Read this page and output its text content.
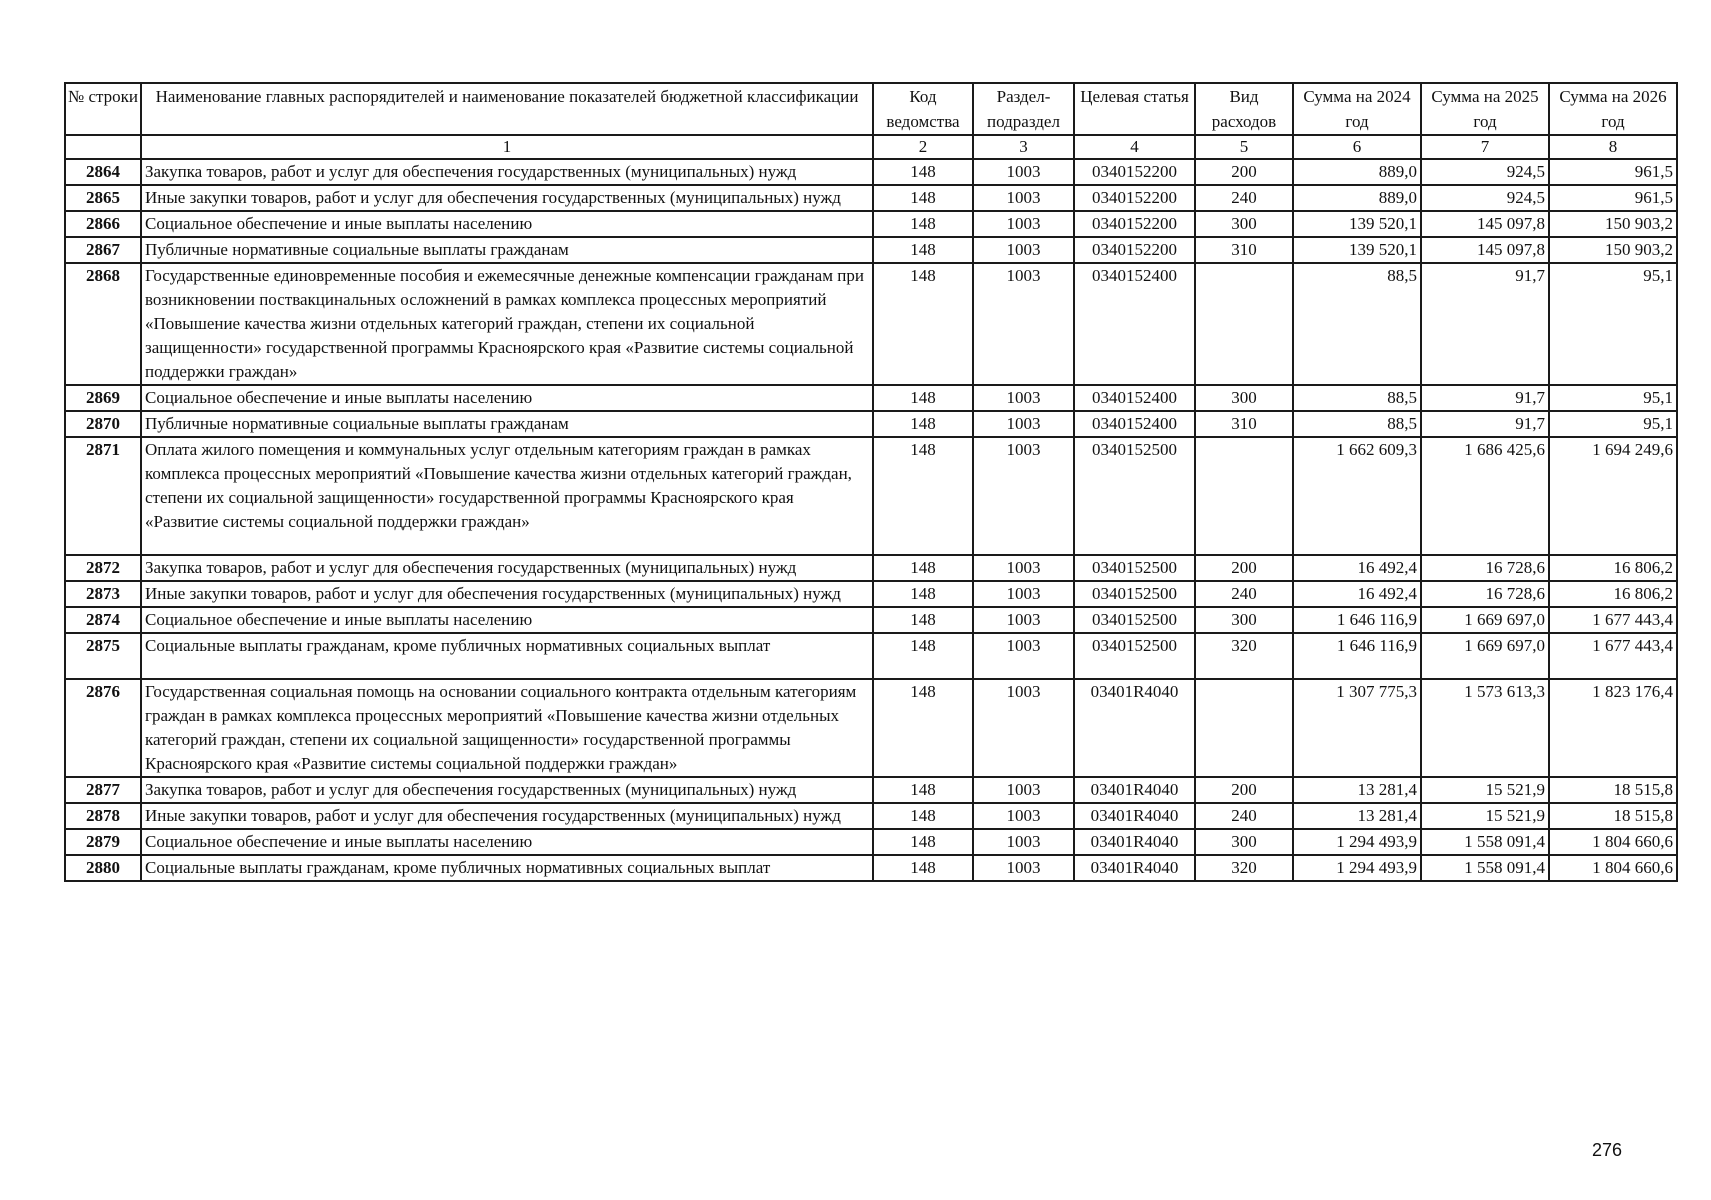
№ строки	Наименование главных распорядителей и наименование показателей бюджетной классификации	Код ведомства	Раздел-подраздел	Целевая статья	Вид расходов	Сумма на 2024 год	Сумма на 2025 год	Сумма на 2026 год
	1	2	3	4	5	6	7	8
2864	Закупка товаров, работ и услуг для обеспечения государственных (муниципальных) нужд	148	1003	0340152200	200	889,0	924,5	961,5
2865	Иные закупки товаров, работ и услуг для обеспечения государственных (муниципальных) нужд	148	1003	0340152200	240	889,0	924,5	961,5
2866	Социальное обеспечение и иные выплаты населению	148	1003	0340152200	300	139 520,1	145 097,8	150 903,2
2867	Публичные нормативные социальные выплаты гражданам	148	1003	0340152200	310	139 520,1	145 097,8	150 903,2
2868	Государственные единовременные пособия и ежемесячные денежные компенсации гражданам при возникновении поствакцинальных осложнений в рамках комплекса процессных мероприятий «Повышение качества жизни отдельных категорий граждан, степени их социальной защищенности» государственной программы Красноярского края «Развитие системы социальной поддержки граждан»	148	1003	0340152400		88,5	91,7	95,1
2869	Социальное обеспечение и иные выплаты населению	148	1003	0340152400	300	88,5	91,7	95,1
2870	Публичные нормативные социальные выплаты гражданам	148	1003	0340152400	310	88,5	91,7	95,1
2871	Оплата жилого помещения и коммунальных услуг отдельным категориям граждан в рамках комплекса процессных мероприятий «Повышение качества жизни отдельных категорий граждан, степени их социальной защищенности» государственной программы Красноярского края «Развитие системы социальной поддержки граждан»	148	1003	0340152500		1 662 609,3	1 686 425,6	1 694 249,6
2872	Закупка товаров, работ и услуг для обеспечения государственных (муниципальных) нужд	148	1003	0340152500	200	16 492,4	16 728,6	16 806,2
2873	Иные закупки товаров, работ и услуг для обеспечения государственных (муниципальных) нужд	148	1003	0340152500	240	16 492,4	16 728,6	16 806,2
2874	Социальное обеспечение и иные выплаты населению	148	1003	0340152500	300	1 646 116,9	1 669 697,0	1 677 443,4
2875	Социальные выплаты гражданам, кроме публичных нормативных социальных выплат	148	1003	0340152500	320	1 646 116,9	1 669 697,0	1 677 443,4
2876	Государственная социальная помощь на основании социального контракта отдельным категориям граждан в рамках комплекса процессных мероприятий «Повышение качества жизни отдельных категорий граждан, степени их социальной защищенности» государственной программы Красноярского края «Развитие системы социальной поддержки граждан»	148	1003	03401R4040		1 307 775,3	1 573 613,3	1 823 176,4
2877	Закупка товаров, работ и услуг для обеспечения государственных (муниципальных) нужд	148	1003	03401R4040	200	13 281,4	15 521,9	18 515,8
2878	Иные закупки товаров, работ и услуг для обеспечения государственных (муниципальных) нужд	148	1003	03401R4040	240	13 281,4	15 521,9	18 515,8
2879	Социальное обеспечение и иные выплаты населению	148	1003	03401R4040	300	1 294 493,9	1 558 091,4	1 804 660,6
2880	Социальные выплаты гражданам, кроме публичных нормативных социальных выплат	148	1003	03401R4040	320	1 294 493,9	1 558 091,4	1 804 660,6
276
